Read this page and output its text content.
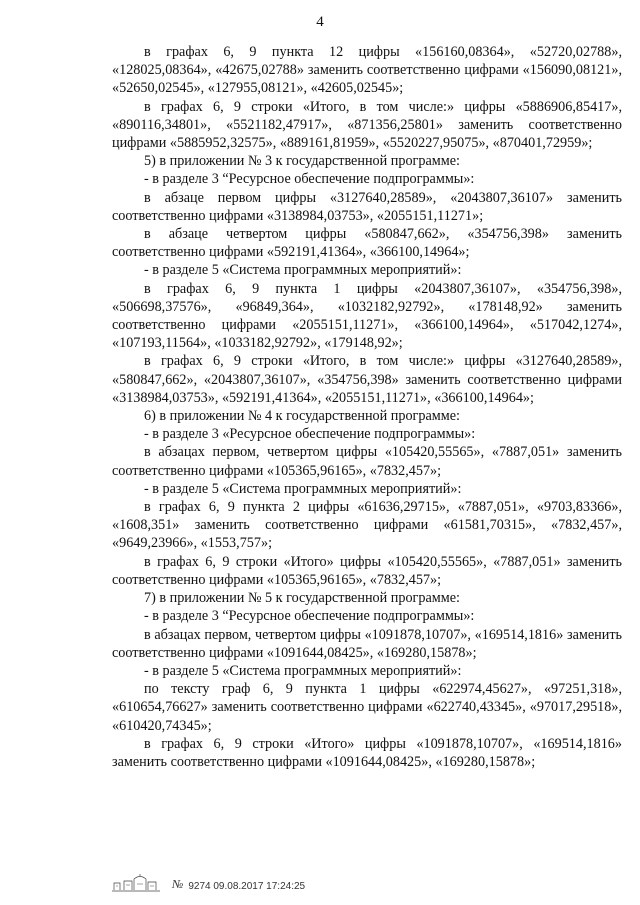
4

в графах 6, 9 пункта 12 цифры «156160,08364», «52720,02788», «128025,08364», «42675,02788» заменить соответственно цифрами «156090,08121», «52650,02545», «127955,08121», «42605,02545»;

в графах 6, 9 строки «Итого, в том числе:» цифры «5886906,85417», «890116,34801», «5521182,47917», «871356,25801» заменить соответственно цифрами «5885952,32575», «889161,81959», «5520227,95075», «870401,72959»;

5) в приложении № 3 к государственной программе:

- в разделе 3 “Ресурсное обеспечение подпрограммы»:

в абзаце первом цифры «3127640,28589», «2043807,36107» заменить соответственно цифрами «3138984,03753», «2055151,11271»;

в абзаце четвертом цифры «580847,662», «354756,398» заменить соответственно цифрами «592191,41364», «366100,14964»;

- в разделе 5 «Система программных мероприятий»:

в графах 6, 9 пункта 1 цифры «2043807,36107», «354756,398», «506698,37576», «96849,364», «1032182,92792», «178148,92» заменить соответственно цифрами «2055151,11271», «366100,14964», «517042,1274», «107193,11564», «1033182,92792», «179148,92»;

в графах 6, 9 строки «Итого, в том числе:» цифры «3127640,28589», «580847,662», «2043807,36107», «354756,398» заменить соответственно цифрами «3138984,03753», «592191,41364», «2055151,11271», «366100,14964»;

6) в приложении № 4 к государственной программе:

- в разделе 3 «Ресурсное обеспечение подпрограммы»:

в абзацах первом, четвертом цифры «105420,55565», «7887,051» заменить соответственно цифрами «105365,96165», «7832,457»;

- в разделе 5 «Система программных мероприятий»:

в графах 6, 9 пункта 2 цифры «61636,29715», «7887,051», «9703,83366», «1608,351» заменить соответственно цифрами «61581,70315», «7832,457», «9649,23966», «1553,757»;

в графах 6, 9 строки «Итого» цифры «105420,55565», «7887,051» заменить соответственно цифрами «105365,96165», «7832,457»;

7) в приложении № 5 к государственной программе:

- в разделе 3 “Ресурсное обеспечение подпрограммы»:

в абзацах первом, четвертом цифры «1091878,10707», «169514,1816» заменить соответственно цифрами «1091644,08425», «169280,15878»;

- в разделе 5 «Система программных мероприятий»:

по тексту граф 6, 9 пункта 1 цифры «622974,45627», «97251,318», «610654,76627» заменить соответственно цифрами «622740,43345», «97017,29518», «610420,74345»;

в графах 6, 9 строки «Итого» цифры «1091878,10707», «169514,1816» заменить соответственно цифрами «1091644,08425», «169280,15878»;

№ 9274 09.08.2017 17:24:25
